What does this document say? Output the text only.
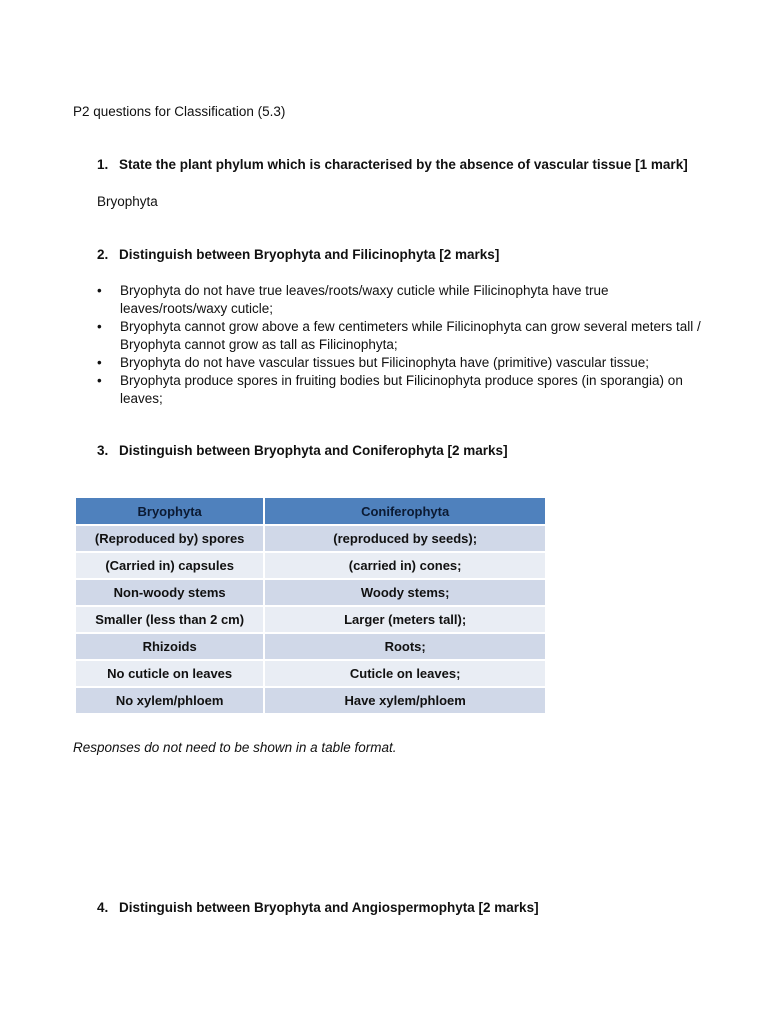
P2 questions for Classification (5.3)
1. State the plant phylum which is characterised by the absence of vascular tissue [1 mark]
Bryophyta
2. Distinguish between Bryophyta and Filicinophyta [2 marks]
• Bryophyta do not have true leaves/roots/waxy cuticle while Filicinophyta have true leaves/roots/waxy cuticle;
• Bryophyta cannot grow above a few centimeters while Filicinophyta can grow several meters tall / Bryophyta cannot grow as tall as Filicinophyta;
• Bryophyta do not have vascular tissues but Filicinophyta have (primitive) vascular tissue;
• Bryophyta produce spores in fruiting bodies but Filicinophyta produce spores (in sporangia) on leaves;
3. Distinguish between Bryophyta and Coniferophyta [2 marks]
Bryophyta	Coniferophyta
(Reproduced by) spores	(reproduced by seeds);
(Carried in) capsules	(carried in) cones;
Non-woody stems	Woody stems;
Smaller (less than 2 cm)	Larger (meters tall);
Rhizoids	Roots;
No cuticle on leaves	Cuticle on leaves;
No xylem/phloem	Have xylem/phloem
Responses do not need to be shown in a table format.
4. Distinguish between Bryophyta and Angiospermophyta [2 marks]
